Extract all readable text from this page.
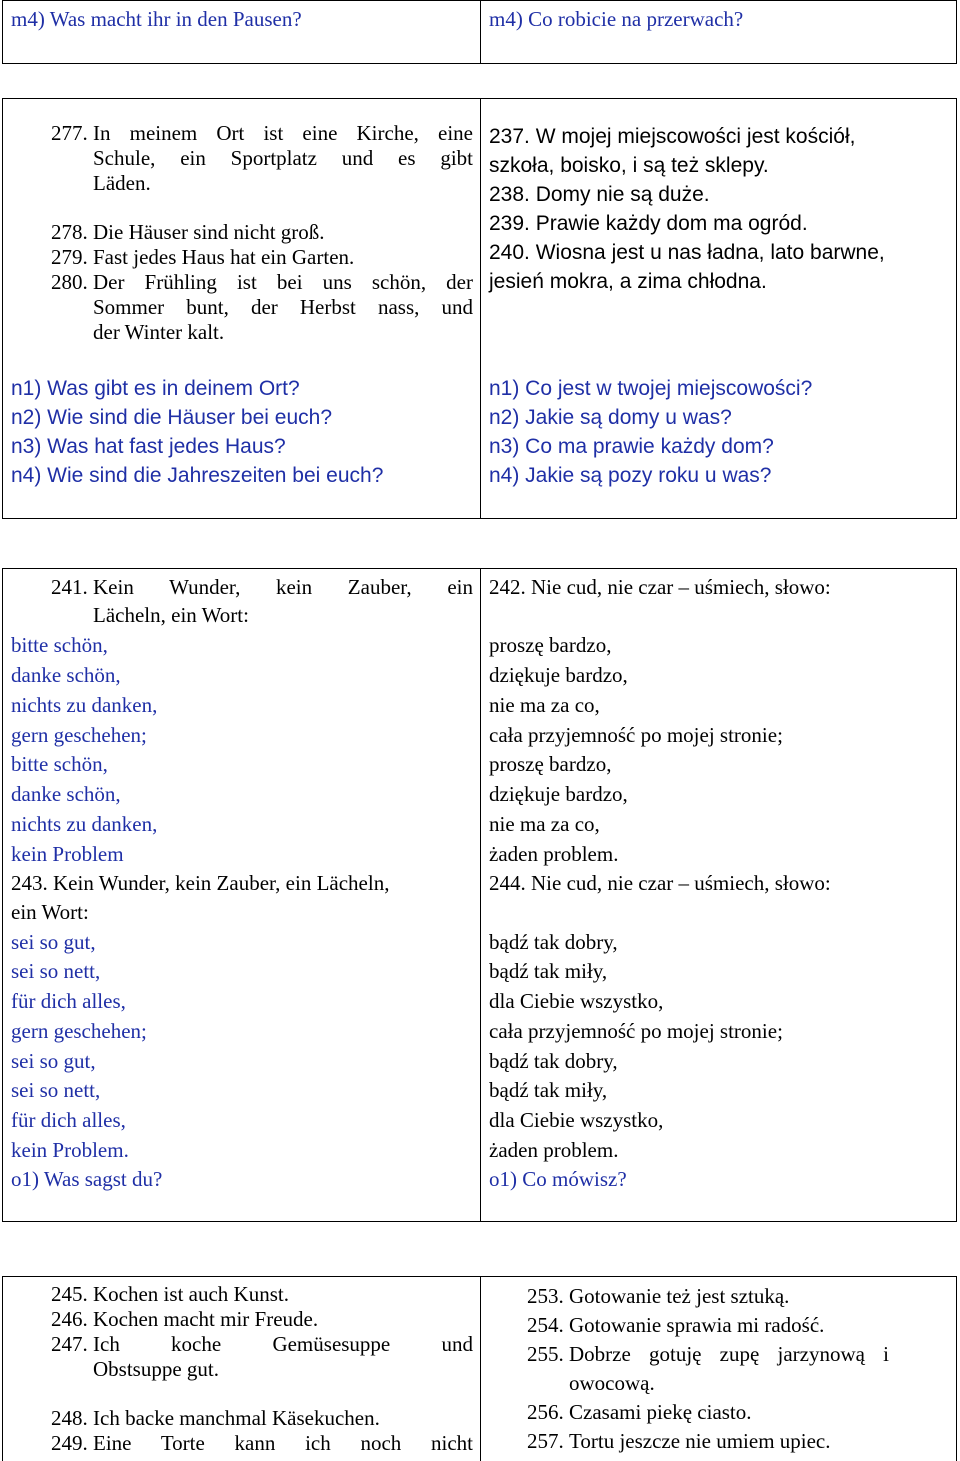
m4) Was macht ihr in den Pausen?	m4) Co robicie na przerwach?
277. In meinem Ort ist eine Kirche, eine
Schule, ein Sportplatz und es gibt
Läden.
278. Die Häuser sind nicht groß.
279. Fast jedes Haus hat ein Garten.
280. Der Frühling ist bei uns schön, der
Sommer bunt, der Herbst nass, und
der Winter kalt.
n1) Was gibt es in deinem Ort?
n2) Wie sind die Häuser bei euch?
n3) Was hat fast jedes Haus?
n4) Wie sind die Jahreszeiten bei euch?
237. W mojej miejscowości jest kościół,
szkoła, boisko, i są też sklepy.
238. Domy nie są duże.
239. Prawie każdy dom ma ogród.
240. Wiosna jest u nas ładna, lato barwne,
jesień mokra, a zima chłodna.
n1) Co jest w twojej miejscowości?
n2) Jakie są domy u was?
n3) Co ma prawie każdy dom?
n4) Jakie są pozy roku u was?
241. Kein Wunder, kein Zauber, ein
Lächeln, ein Wort:
bitte schön,
danke schön,
nichts zu danken,
gern geschehen;
bitte schön,
danke schön,
nichts zu danken,
kein Problem
243. Kein Wunder, kein Zauber, ein Lächeln,
ein Wort:
sei so gut,
sei so nett,
für dich alles,
gern geschehen;
sei so gut,
sei so nett,
für dich alles,
kein Problem.
o1) Was sagst du?
242. Nie cud, nie czar – uśmiech, słowo:
proszę bardzo,
dziękuje bardzo,
nie ma za co,
cała przyjemność po mojej stronie;
proszę bardzo,
dziękuje bardzo,
nie ma za co,
żaden problem.
244. Nie cud, nie czar – uśmiech, słowo:
bądź tak dobry,
bądź tak miły,
dla Ciebie wszystko,
cała przyjemność po mojej stronie;
bądź tak dobry,
bądź tak miły,
dla Ciebie wszystko,
żaden problem.
o1) Co mówisz?
245. Kochen ist auch Kunst.
246. Kochen macht mir Freude.
247. Ich koche Gemüsesuppe und
Obstsuppe gut.
248. Ich backe manchmal Käsekuchen.
249. Eine Torte kann ich noch nicht
253. Gotowanie też jest sztuką.
254. Gotowanie sprawia mi radość.
255. Dobrze gotuję zupę jarzynową i
owocową.
256. Czasami piekę ciasto.
257. Tortu jeszcze nie umiem upiec.
